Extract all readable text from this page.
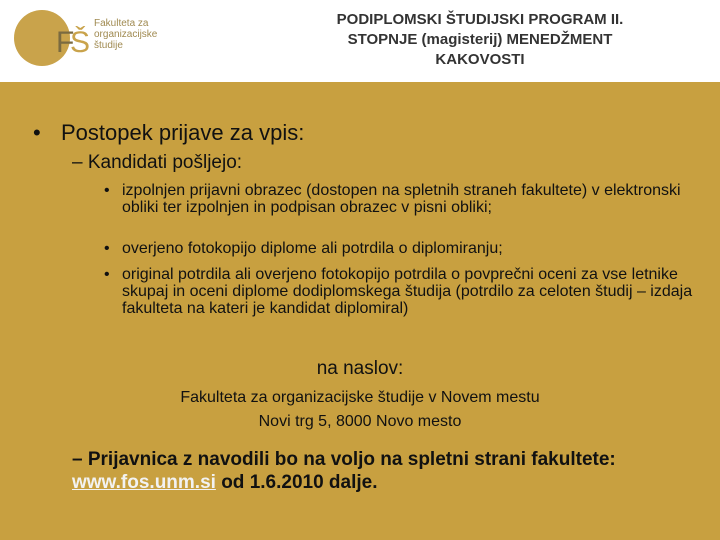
F
Š
Fakulteta za
organizacijske
študije
PODIPLOMSKI ŠTUDIJSKI PROGRAM II.
STOPNJE (magisterij) MENEDŽMENT
KAKOVOSTI
• Postopek prijave za vpis:
– Kandidati pošljejo:
• izpolnjen prijavni obrazec (dostopen na spletnih straneh fakultete) v elektronski obliki ter izpolnjen in podpisan obrazec v pisni obliki;
• overjeno fotokopijo diplome ali potrdila o diplomiranju;
• original potrdila ali overjeno fotokopijo potrdila o povprečni oceni za vse letnike skupaj in oceni diplome dodiplomskega študija (potrdilo za celoten študij – izdaja fakulteta na kateri je kandidat diplomiral)
na naslov:
Fakulteta za organizacijske študije v Novem mestu
Novi trg 5, 8000 Novo mesto
– Prijavnica z navodili bo na voljo na spletni strani fakultete: www.fos.unm.si od 1.6.2010 dalje.
